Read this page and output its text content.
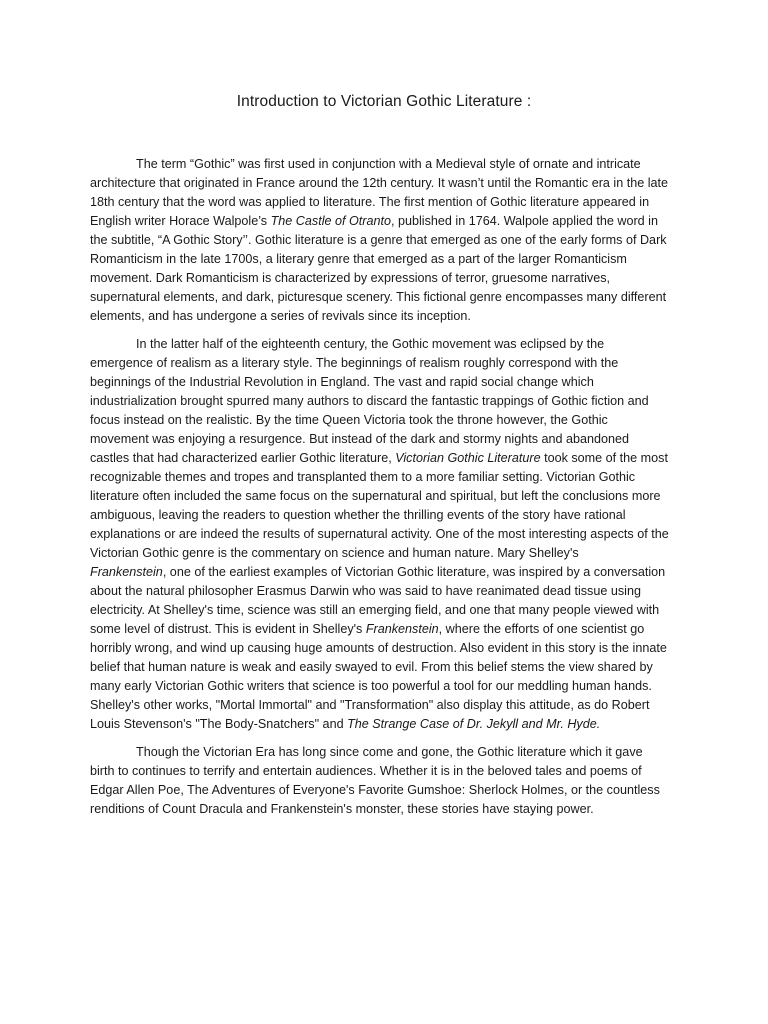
Introduction to Victorian Gothic Literature :

The term “Gothic” was first used in conjunction with a Medieval style of ornate and intricate architecture that originated in France around the 12th century. It wasn’t until the Romantic era in the late 18th century that the word was applied to literature. The first mention of Gothic literature appeared in English writer Horace Walpole’s The Castle of Otranto, published in 1764. Walpole applied the word in the subtitle, “A Gothic Story’’. Gothic literature is a genre that emerged as one of the early forms of Dark Romanticism in the late 1700s, a literary genre that emerged as a part of the larger Romanticism movement. Dark Romanticism is characterized by expressions of terror, gruesome narratives, supernatural elements, and dark, picturesque scenery. This fictional genre encompasses many different elements, and has undergone a series of revivals since its inception.

In the latter half of the eighteenth century, the Gothic movement was eclipsed by the emergence of realism as a literary style. The beginnings of realism roughly correspond with the beginnings of the Industrial Revolution in England. The vast and rapid social change which industrialization brought spurred many authors to discard the fantastic trappings of Gothic fiction and focus instead on the realistic. By the time Queen Victoria took the throne however, the Gothic movement was enjoying a resurgence. But instead of the dark and stormy nights and abandoned castles that had characterized earlier Gothic literature, Victorian Gothic Literature took some of the most recognizable themes and tropes and transplanted them to a more familiar setting. Victorian Gothic literature often included the same focus on the supernatural and spiritual, but left the conclusions more ambiguous, leaving the readers to question whether the thrilling events of the story have rational explanations or are indeed the results of supernatural activity. One of the most interesting aspects of the Victorian Gothic genre is the commentary on science and human nature. Mary Shelley's
Frankenstein, one of the earliest examples of Victorian Gothic literature, was inspired by a conversation about the natural philosopher Erasmus Darwin who was said to have reanimated dead tissue using electricity. At Shelley's time, science was still an emerging field, and one that many people viewed with some level of distrust. This is evident in Shelley's Frankenstein, where the efforts of one scientist go horribly wrong, and wind up causing huge amounts of destruction. Also evident in this story is the innate belief that human nature is weak and easily swayed to evil. From this belief stems the view shared by many early Victorian Gothic writers that science is too powerful a tool for our meddling human hands. Shelley's other works, "Mortal Immortal" and "Transformation" also display this attitude, as do Robert Louis Stevenson's "The Body-Snatchers" and The Strange Case of Dr. Jekyll and Mr. Hyde.

Though the Victorian Era has long since come and gone, the Gothic literature which it gave birth to continues to terrify and entertain audiences. Whether it is in the beloved tales and poems of Edgar Allen Poe, The Adventures of Everyone's Favorite Gumshoe: Sherlock Holmes, or the countless renditions of Count Dracula and Frankenstein's monster, these stories have staying power.
